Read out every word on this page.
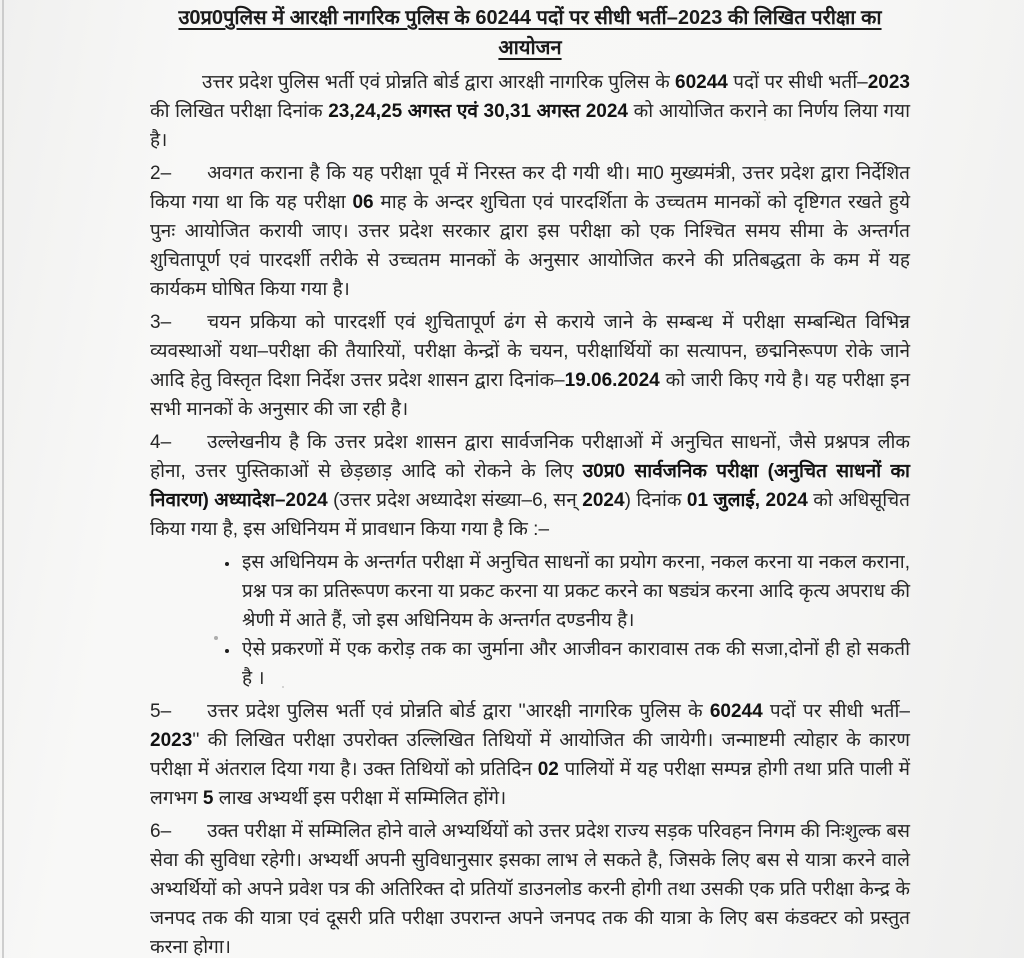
उ0प्र0पुलिस में आरक्षी नागरिक पुलिस के 60244 पदों पर सीधी भर्ती–2023 की लिखित परीक्षा का
आयोजन

उत्तर प्रदेश पुलिस भर्ती एवं प्रोन्नति बोर्ड द्वारा आरक्षी नागरिक पुलिस के 60244 पदों पर सीधी भर्ती–2023 की लिखित परीक्षा दिनांक 23,24,25 अगस्त एवं 30,31 अगस्त 2024 को आयोजित कराने का निर्णय लिया गया है।

2– अवगत कराना है कि यह परीक्षा पूर्व में निरस्त कर दी गयी थी। मा0 मुख्यमंत्री, उत्तर प्रदेश द्वारा निर्देशित किया गया था कि यह परीक्षा 06 माह के अन्दर शुचिता एवं पारदर्शिता के उच्चतम मानकों को दृष्टिगत रखते हुये पुनः आयोजित करायी जाए। उत्तर प्रदेश सरकार द्वारा इस परीक्षा को एक निश्चित समय सीमा के अन्तर्गत शुचितापूर्ण एवं पारदर्शी तरीके से उच्चतम मानकों के अनुसार आयोजित करने की प्रतिबद्धता के कम में यह कार्यकम घोषित किया गया है।

3– चयन प्रकिया को पारदर्शी एवं शुचितापूर्ण ढंग से कराये जाने के सम्बन्ध में परीक्षा सम्बन्धित विभिन्न व्यवस्थाओं यथा–परीक्षा की तैयारियों, परीक्षा केन्द्रों के चयन, परीक्षार्थियों का सत्यापन, छद्मनिरूपण रोके जाने आदि हेतु विस्तृत दिशा निर्देश उत्तर प्रदेश शासन द्वारा दिनांक–19.06.2024 को जारी किए गये है। यह परीक्षा इन सभी मानकों के अनुसार की जा रही है।

4– उल्लेखनीय है कि उत्तर प्रदेश शासन द्वारा सार्वजनिक परीक्षाओं में अनुचित साधनों, जैसे प्रश्नपत्र लीक होना, उत्तर पुस्तिकाओं से छेड़छाड़ आदि को रोकने के लिए उ0प्र0 सार्वजनिक परीक्षा (अनुचित साधनों का निवारण) अध्यादेश–2024 (उत्तर प्रदेश अध्यादेश संख्या–6, सन् 2024) दिनांक 01 जुलाई, 2024 को अधिसूचित किया गया है, इस अधिनियम में प्रावधान किया गया है कि :–

• इस अधिनियम के अन्तर्गत परीक्षा में अनुचित साधनों का प्रयोग करना, नकल करना या नकल कराना, प्रश्न पत्र का प्रतिरूपण करना या प्रकट करना या प्रकट करने का षड्यंत्र करना आदि कृत्य अपराध की श्रेणी में आते हैं, जो इस अधिनियम के अन्तर्गत दण्डनीय है।
• ऐसे प्रकरणों में एक करोड़ तक का जुर्माना और आजीवन कारावास तक की सजा,दोनों ही हो सकती है ।

5– उत्तर प्रदेश पुलिस भर्ती एवं प्रोन्नति बोर्ड द्वारा ''आरक्षी नागरिक पुलिस के 60244 पदों पर सीधी भर्ती–2023'' की लिखित परीक्षा उपरोक्त उल्लिखित तिथियों में आयोजित की जायेगी। जन्माष्टमी त्योहार के कारण परीक्षा में अंतराल दिया गया है। उक्त तिथियों को प्रतिदिन 02 पालियों में यह परीक्षा सम्पन्न होगी तथा प्रति पाली में लगभग 5 लाख अभ्यर्थी इस परीक्षा में सम्मिलित होंगे।

6– उक्त परीक्षा में सम्मिलित होने वाले अभ्यर्थियों को उत्तर प्रदेश राज्य सड़क परिवहन निगम की निःशुल्क बस सेवा की सुविधा रहेगी। अभ्यर्थी अपनी सुविधानुसार इसका लाभ ले सकते है, जिसके लिए बस से यात्रा करने वाले अभ्यर्थियों को अपने प्रवेश पत्र की अतिरिक्त दो प्रतियॉ डाउनलोड करनी होगी तथा उसकी एक प्रति परीक्षा केन्द्र के जनपद तक की यात्रा एवं दूसरी प्रति परीक्षा उपरान्त अपने जनपद तक की यात्रा के लिए बस कंडक्टर को प्रस्तुत करना होगा।
